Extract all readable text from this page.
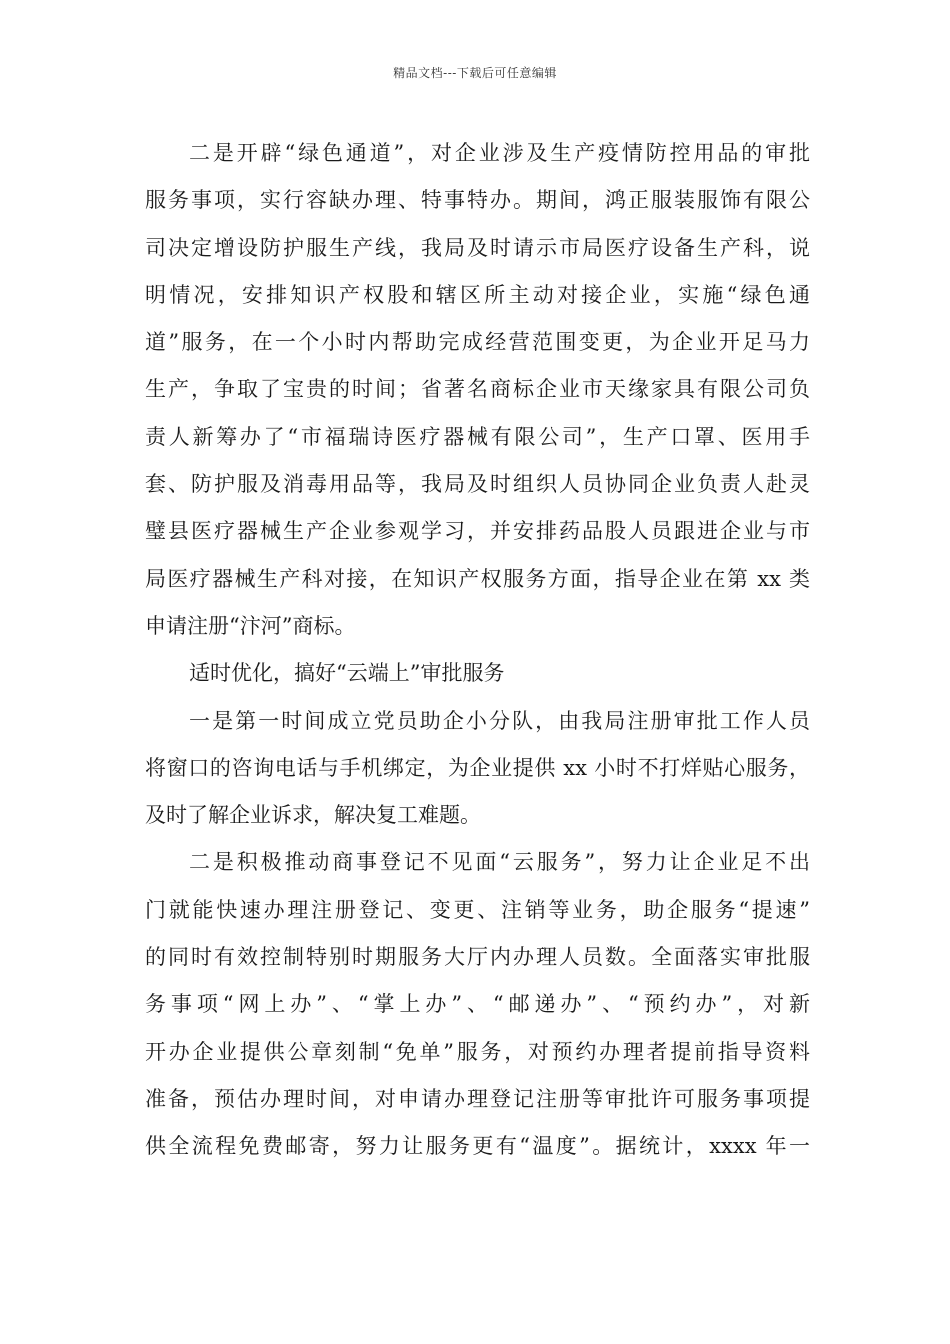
精品文档---下载后可任意编辑
二是开辟“绿色通道”，对企业涉及生产疫情防控用品的审批
服务事项，实行容缺办理、特事特办。期间，鸿正服装服饰有限公
司决定增设防护服生产线，我局及时请示市局医疗设备生产科，说
明情况，安排知识产权股和辖区所主动对接企业，实施“绿色通
道”服务，在一个小时内帮助完成经营范围变更，为企业开足马力
生产，争取了宝贵的时间；省著名商标企业市天缘家具有限公司负
责人新筹办了“市福瑞诗医疗器械有限公司”，生产口罩、医用手
套、防护服及消毒用品等，我局及时组织人员协同企业负责人赴灵
璧县医疗器械生产企业参观学习，并安排药品股人员跟进企业与市
局医疗器械生产科对接，在知识产权服务方面，指导企业在第 xx 类
申请注册“汴河”商标。
适时优化，搞好“云端上”审批服务
一是第一时间成立党员助企小分队，由我局注册审批工作人员
将窗口的咨询电话与手机绑定，为企业提供 xx 小时不打烊贴心服务，
及时了解企业诉求，解决复工难题。
二是积极推动商事登记不见面“云服务”，努力让企业足不出
门就能快速办理注册登记、变更、注销等业务，助企服务“提速”
的同时有效控制特别时期服务大厅内办理人员数。全面落实审批服
务事项“网上办”、“掌上办”、“邮递办”、“预约办”，对新
开办企业提供公章刻制“免单”服务，对预约办理者提前指导资料
准备，预估办理时间，对申请办理登记注册等审批许可服务事项提
供全流程免费邮寄，努力让服务更有“温度”。据统计，xxxx 年一
